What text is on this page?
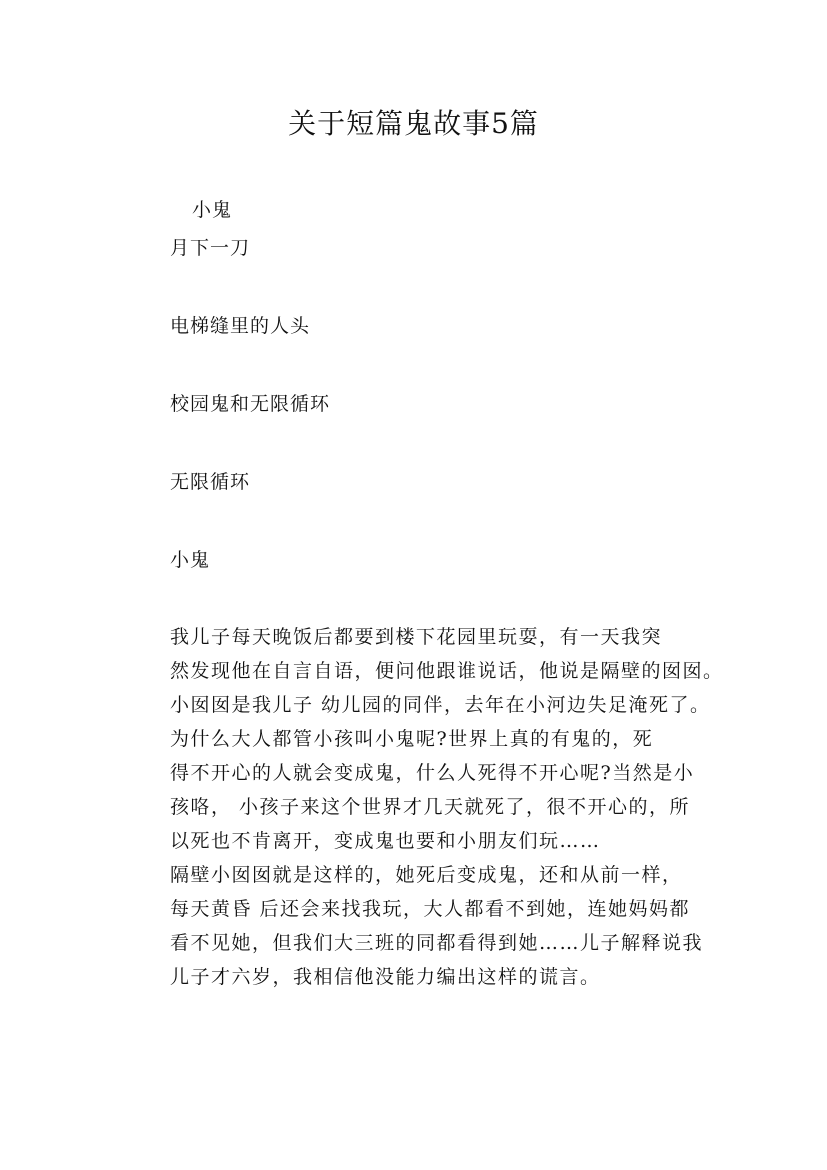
关于短篇鬼故事5篇
小鬼
月下一刀
电梯缝里的人头
校园鬼和无限循环
无限循环
小鬼
我儿子每天晚饭后都要到楼下花园里玩耍，有一天我突
然发现他在自言自语，便问他跟谁说话，他说是隔壁的囡囡。
小囡囡是我儿子 幼儿园的同伴，去年在小河边失足淹死了。
为什么大人都管小孩叫小鬼呢?世界上真的有鬼的，死
得不开心的人就会变成鬼，什么人死得不开心呢?当然是小
孩咯， 小孩子来这个世界才几天就死了，很不开心的，所
以死也不肯离开，变成鬼也要和小朋友们玩……
隔壁小囡囡就是这样的，她死后变成鬼，还和从前一样，
每天黄昏 后还会来找我玩，大人都看不到她，连她妈妈都
看不见她，但我们大三班的同都看得到她……儿子解释说我
儿子才六岁，我相信他没能力编出这样的谎言。
